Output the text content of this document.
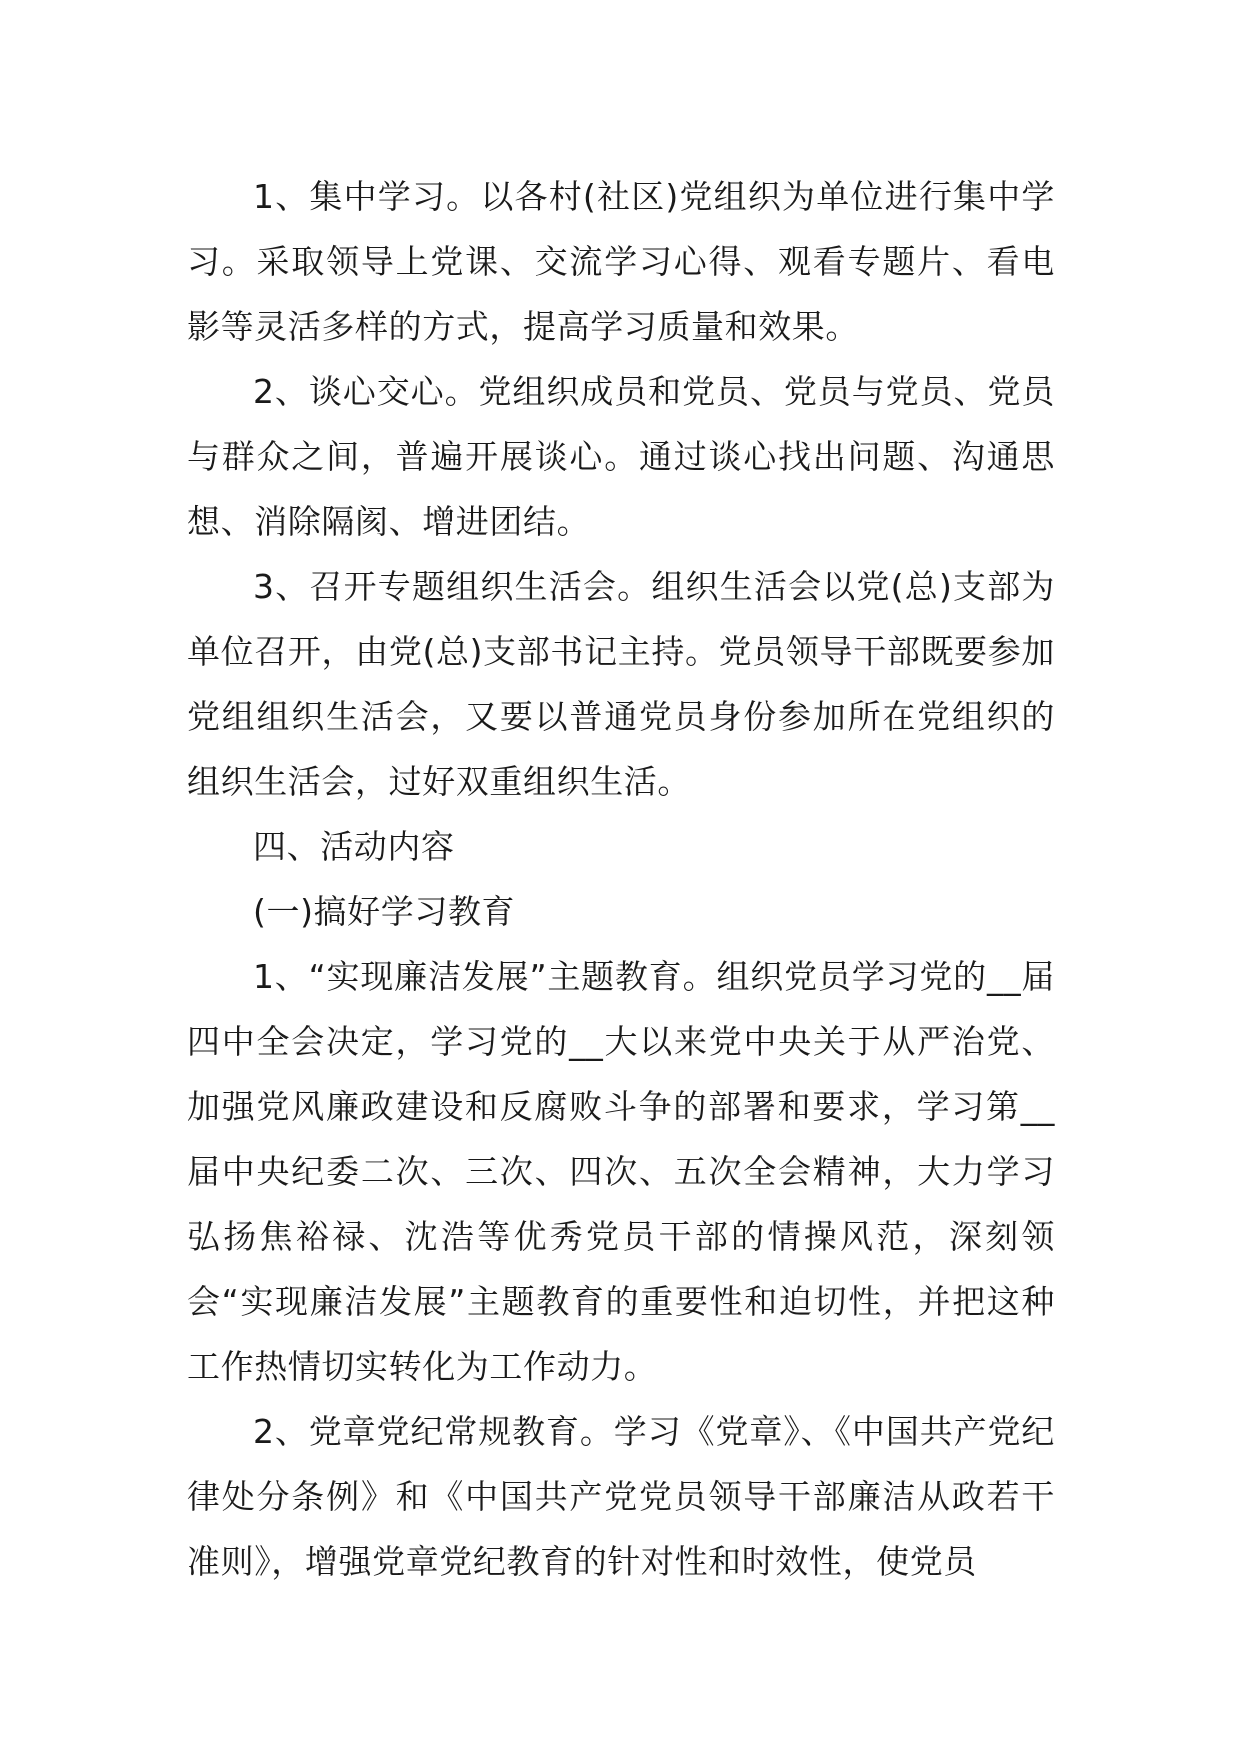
1、集中学习。以各村(社区)党组织为单位进行集中学习。采取领导上党课、交流学习心得、观看专题片、看电影等灵活多样的方式，提高学习质量和效果。

2、谈心交心。党组织成员和党员、党员与党员、党员与群众之间，普遍开展谈心。通过谈心找出问题、沟通思想、消除隔阂、增进团结。

3、召开专题组织生活会。组织生活会以党(总)支部为单位召开，由党(总)支部书记主持。党员领导干部既要参加党组组织生活会，又要以普通党员身份参加所在党组织的组织生活会，过好双重组织生活。

四、活动内容

(一)搞好学习教育

1、“实现廉洁发展”主题教育。组织党员学习党的__届四中全会决定，学习党的__大以来党中央关于从严治党、加强党风廉政建设和反腐败斗争的部署和要求，学习第__届中央纪委二次、三次、四次、五次全会精神，大力学习弘扬焦裕禄、沈浩等优秀党员干部的情操风范，深刻领会“实现廉洁发展”主题教育的重要性和迫切性，并把这种工作热情切实转化为工作动力。

2、党章党纪常规教育。学习《党章》、《中国共产党纪律处分条例》和《中国共产党党员领导干部廉洁从政若干准则》，增强党章党纪教育的针对性和时效性，使党员
